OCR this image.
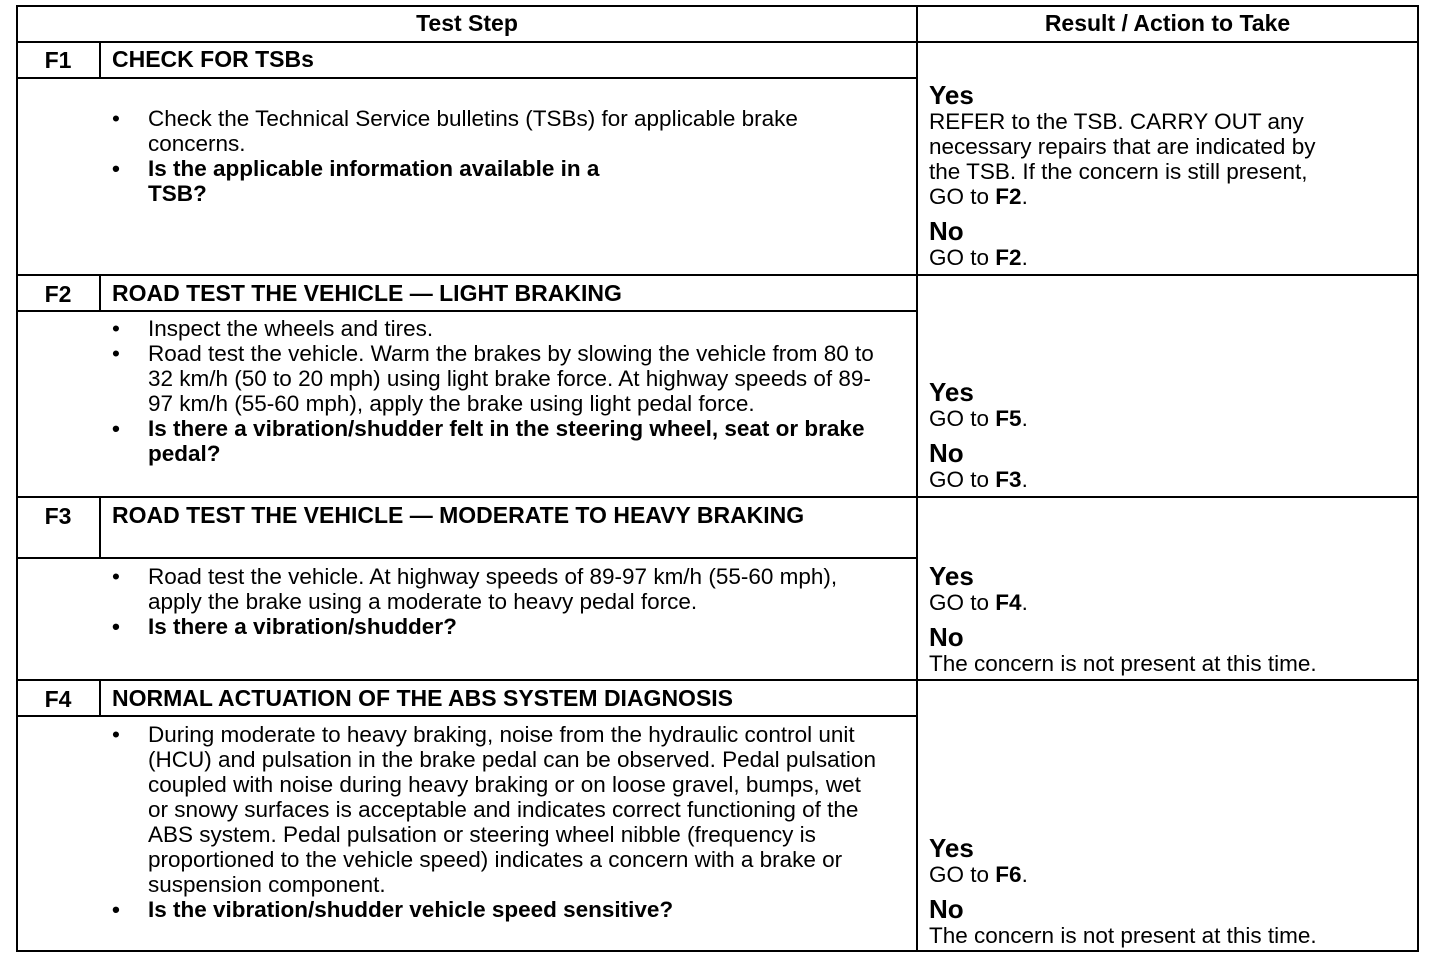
Test Step	Result / Action to Take
F1	CHECK FOR TSBs
• Check the Technical Service bulletins (TSBs) for applicable brake concerns.
• Is the applicable information available in a TSB?
Yes
REFER to the TSB. CARRY OUT any necessary repairs that are indicated by the TSB. If the concern is still present, GO to F2.
No
GO to F2.
F2	ROAD TEST THE VEHICLE — LIGHT BRAKING
• Inspect the wheels and tires.
• Road test the vehicle. Warm the brakes by slowing the vehicle from 80 to 32 km/h (50 to 20 mph) using light brake force. At highway speeds of 89-97 km/h (55-60 mph), apply the brake using light pedal force.
• Is there a vibration/shudder felt in the steering wheel, seat or brake pedal?
Yes
GO to F5.
No
GO to F3.
F3	ROAD TEST THE VEHICLE — MODERATE TO HEAVY BRAKING
• Road test the vehicle. At highway speeds of 89-97 km/h (55-60 mph), apply the brake using a moderate to heavy pedal force.
• Is there a vibration/shudder?
Yes
GO to F4.
No
The concern is not present at this time.
F4	NORMAL ACTUATION OF THE ABS SYSTEM DIAGNOSIS
• During moderate to heavy braking, noise from the hydraulic control unit (HCU) and pulsation in the brake pedal can be observed. Pedal pulsation coupled with noise during heavy braking or on loose gravel, bumps, wet or snowy surfaces is acceptable and indicates correct functioning of the ABS system. Pedal pulsation or steering wheel nibble (frequency is proportioned to the vehicle speed) indicates a concern with a brake or suspension component.
• Is the vibration/shudder vehicle speed sensitive?
Yes
GO to F6.
No
The concern is not present at this time.
